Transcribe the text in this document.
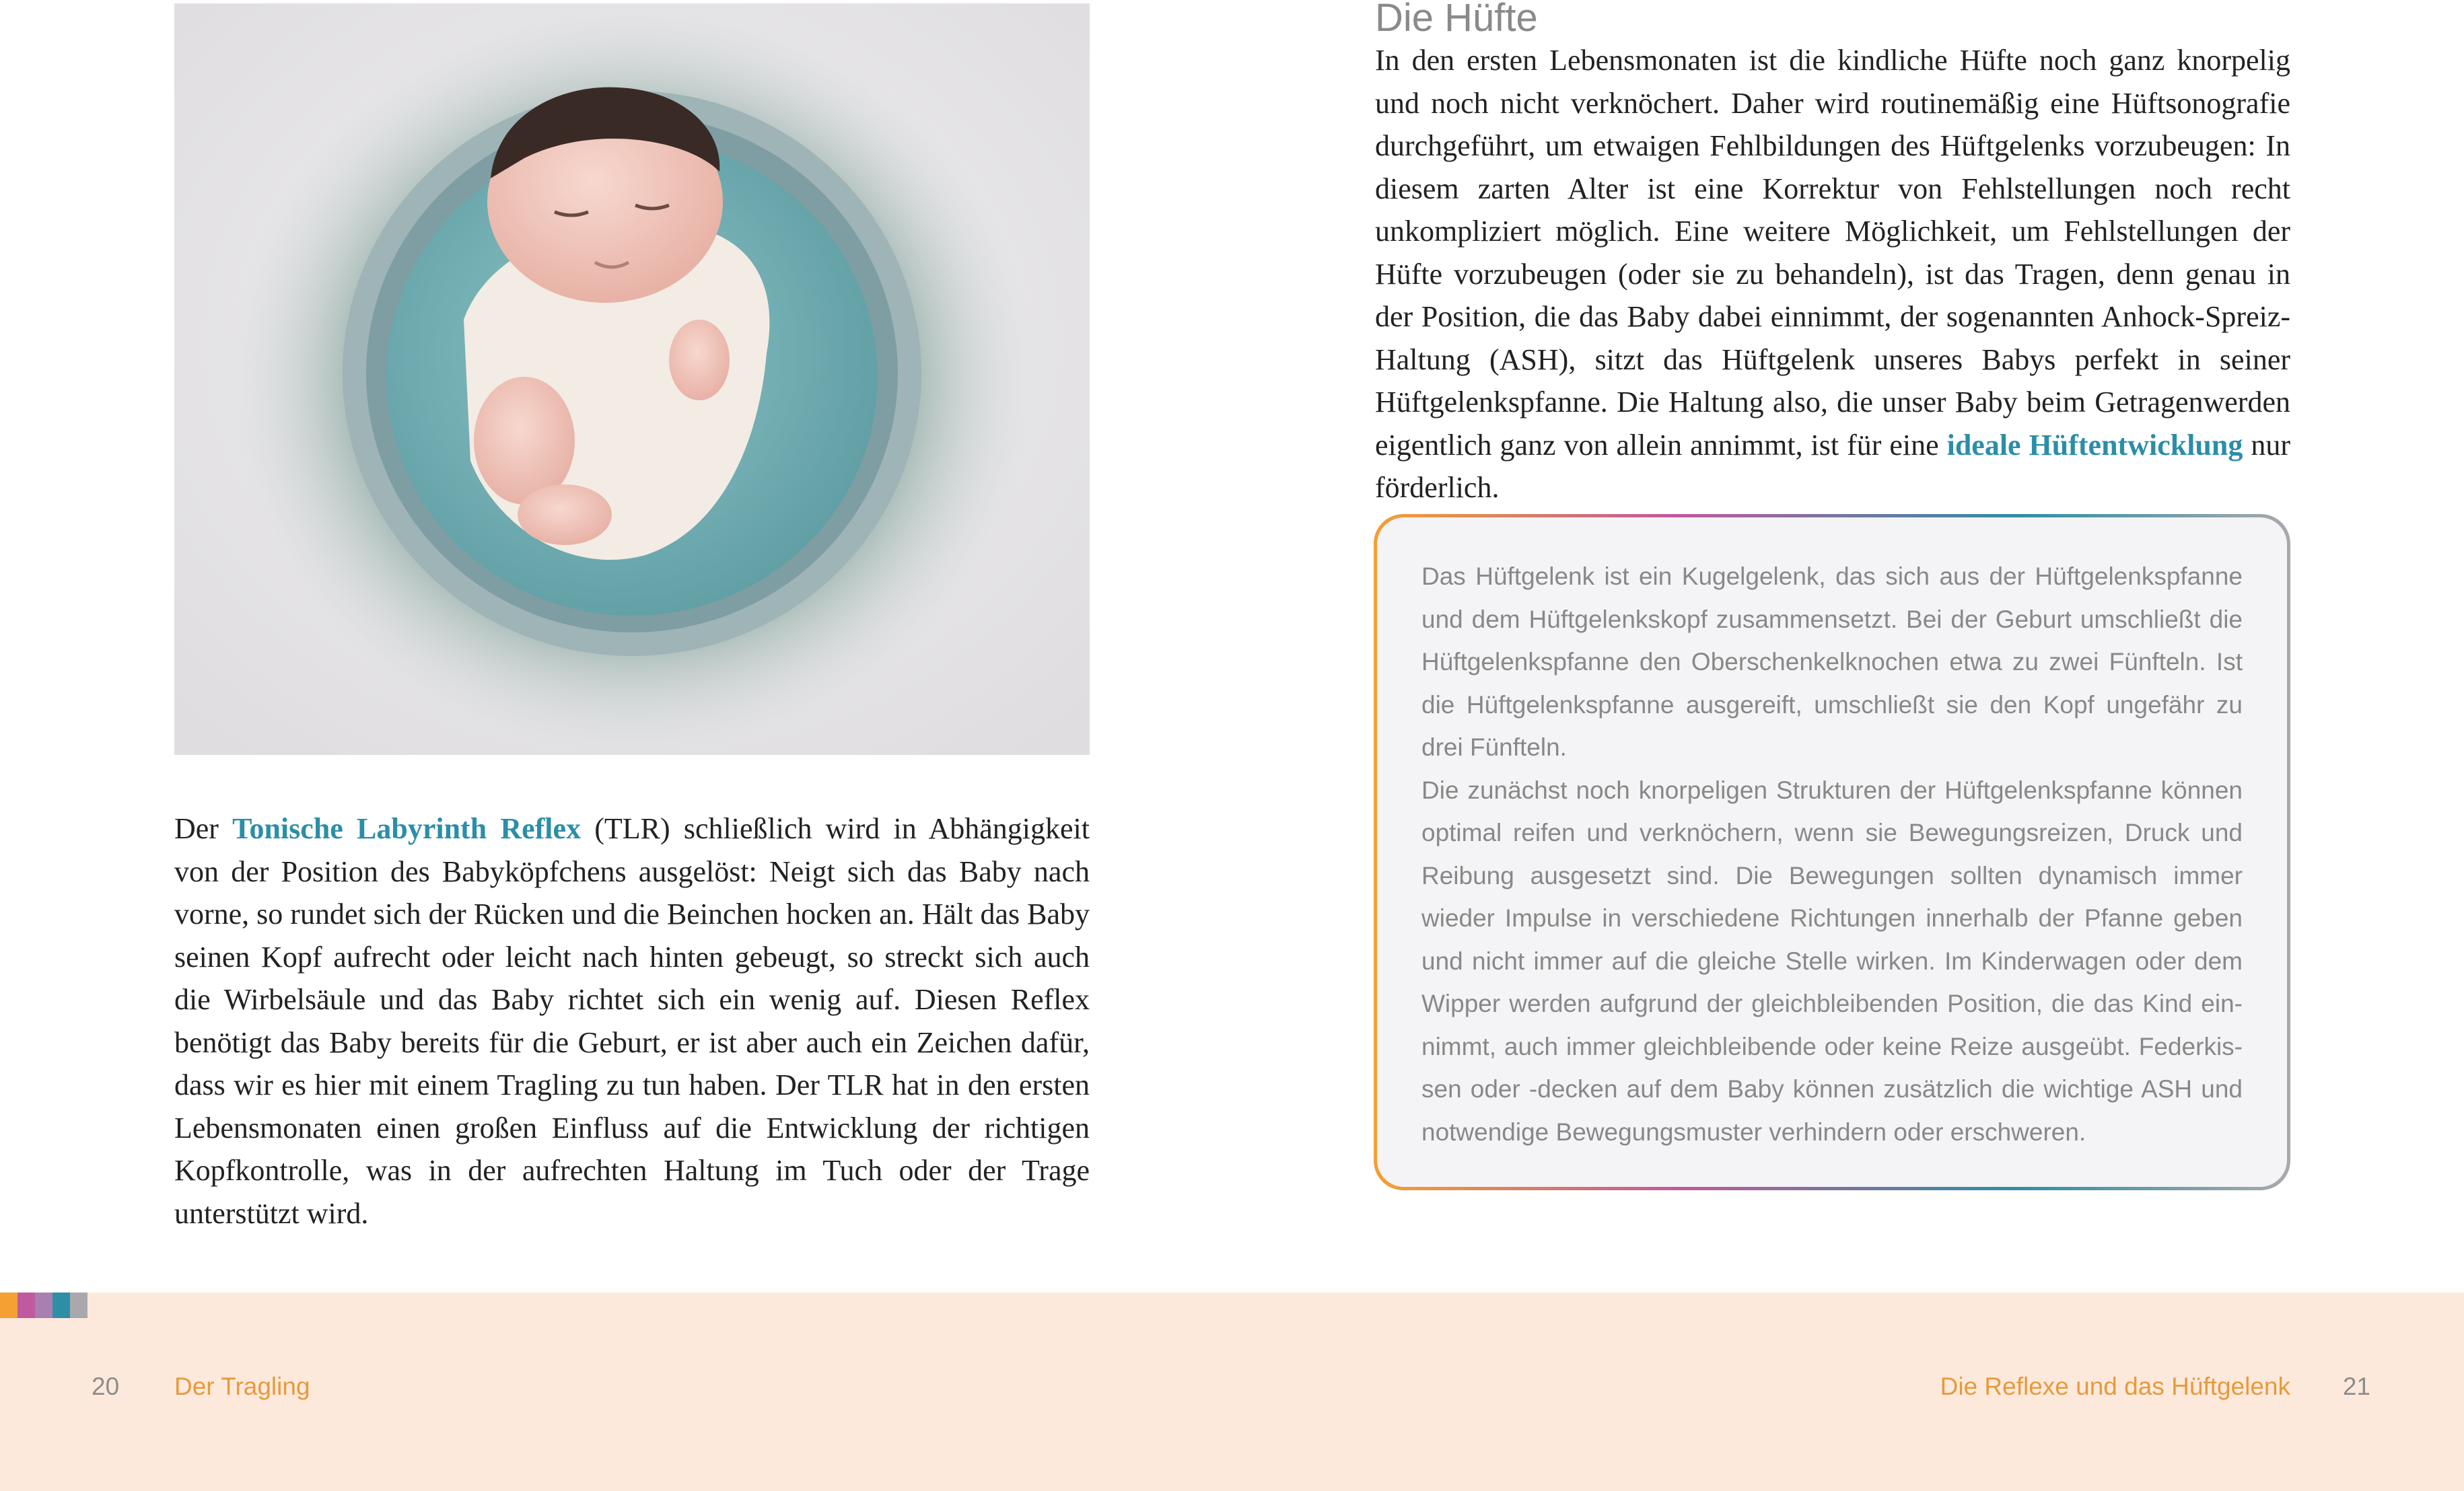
Der Tonische Labyrinth Reflex (TLR) schließlich wird in Abhängigkeit von der Position des Babyköpfchens ausgelöst: Neigt sich das Baby nach vorne, so rundet sich der Rücken und die Beinchen hocken an. Hält das Baby seinen Kopf aufrecht oder leicht nach hinten gebeugt, so streckt sich auch die Wirbelsäule und das Baby richtet sich ein wenig auf. Diesen Reflex benötigt das Baby bereits für die Geburt, er ist aber auch ein Zeichen dafür, dass wir es hier mit einem Tragling zu tun haben. Der TLR hat in den ersten Lebensmonaten einen großen Einfluss auf die Entwicklung der richtigen Kopfkontrolle, was in der aufrechten Haltung im Tuch oder der Trage unterstützt wird.

Die Hüfte

In den ersten Lebensmonaten ist die kindliche Hüfte noch ganz knorpelig und noch nicht verknöchert. Daher wird routinemäßig eine Hüftsonografie durchgeführt, um etwaigen Fehlbildungen des Hüftgelenks vorzubeugen: In diesem zarten Alter ist eine Korrektur von Fehlstellungen noch recht unkompliziert möglich. Eine weitere Möglichkeit, um Fehlstellungen der Hüfte vorzubeugen (oder sie zu behandeln), ist das Tragen, denn genau in der Position, die das Baby dabei einnimmt, der sogenannten Anhock-Spreiz-Haltung (ASH), sitzt das Hüftgelenk unseres Babys perfekt in seiner Hüftgelenkspfanne. Die Haltung also, die unser Baby beim Getragenwerden eigentlich ganz von allein annimmt, ist für eine ideale Hüftentwicklung nur förderlich.

Das Hüftgelenk ist ein Kugelgelenk, das sich aus der Hüftgelenkspfanne und dem Hüftgelenkskopf zusammensetzt. Bei der Geburt umschließt die Hüftgelenkspfanne den Oberschenkelknochen etwa zu zwei Fünfteln. Ist die Hüftgelenkspfanne ausgereift, umschließt sie den Kopf ungefähr zu drei Fünfteln.

Die zunächst noch knorpeligen Strukturen der Hüftgelenkspfanne können optimal reifen und verknöchern, wenn sie Bewegungsreizen, Druck und Reibung ausgesetzt sind. Die Bewegungen sollten dynamisch immer wieder Impulse in verschiedene Richtungen innerhalb der Pfanne geben und nicht immer auf die gleiche Stelle wirken. Im Kinderwagen oder dem Wipper werden aufgrund der gleichbleibenden Position, die das Kind einnimmt, auch immer gleichbleibende oder keine Reize ausgeübt. Federkissen oder -decken auf dem Baby können zusätzlich die wichtige ASH und notwendige Bewegungsmuster verhindern oder erschweren.

20 Der Tragling	Die Reflexe und das Hüftgelenk 21
